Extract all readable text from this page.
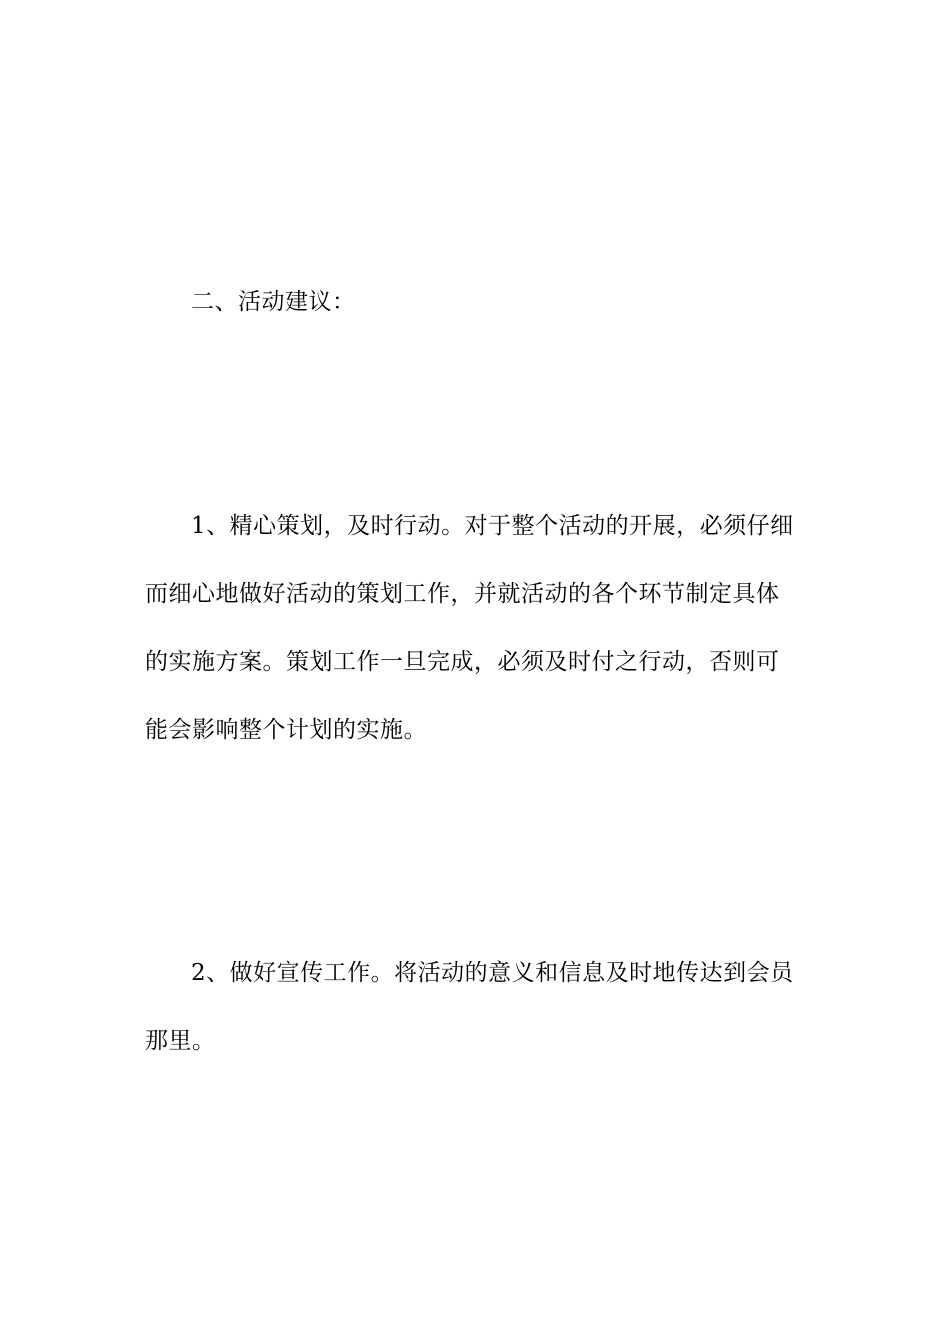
二、活动建议：

1、精心策划，及时行动。对于整个活动的开展，必须仔细
而细心地做好活动的策划工作，并就活动的各个环节制定具体
的实施方案。策划工作一旦完成，必须及时付之行动，否则可
能会影响整个计划的实施。

2、做好宣传工作。将活动的意义和信息及时地传达到会员
那里。
